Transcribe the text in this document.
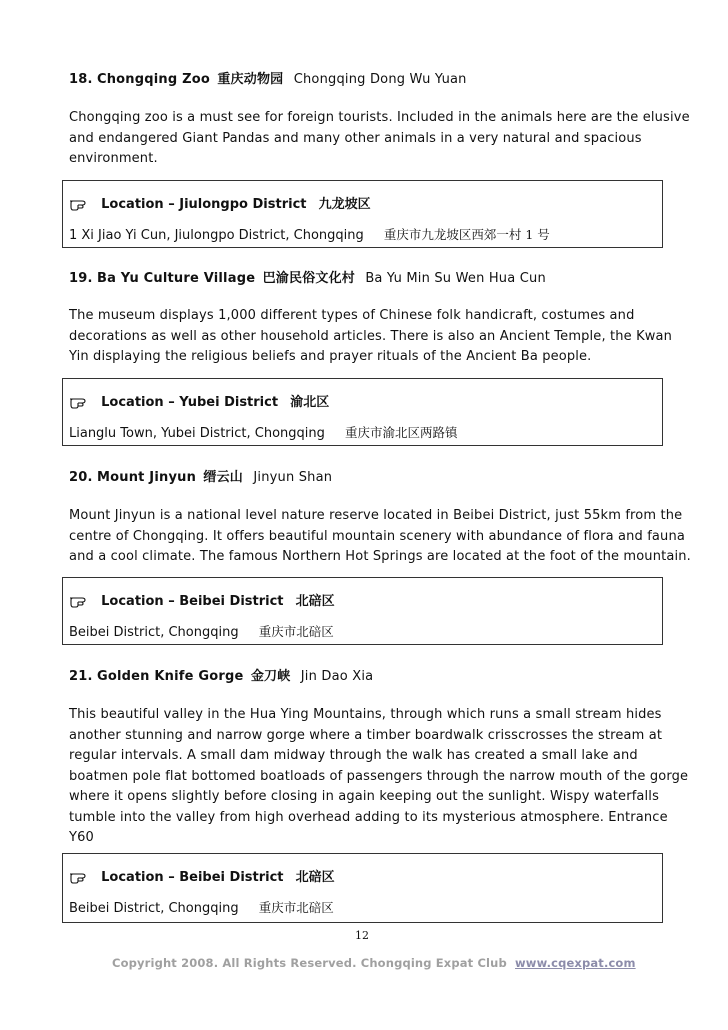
18. Chongqing Zoo 重庆动物园 Chongqing Dong Wu Yuan

Chongqing zoo is a must see for foreign tourists. Included in the animals here are the elusive
and endangered Giant Pandas and many other animals in a very natural and spacious
environment.

Location – Jiulongpo District 九龙坡区
1 Xi Jiao Yi Cun, Jiulongpo District, Chongqing 重庆市九龙坡区西郊一村 1 号
19. Ba Yu Culture Village 巴渝民俗文化村 Ba Yu Min Su Wen Hua Cun

The museum displays 1,000 different types of Chinese folk handicraft, costumes and
decorations as well as other household articles. There is also an Ancient Temple, the Kwan
Yin displaying the religious beliefs and prayer rituals of the Ancient Ba people.

Location – Yubei District 渝北区
Lianglu Town, Yubei District, Chongqing 重庆市渝北区两路镇
20. Mount Jinyun 缙云山 Jinyun Shan

Mount Jinyun is a national level nature reserve located in Beibei District, just 55km from the
centre of Chongqing. It offers beautiful mountain scenery with abundance of flora and fauna
and a cool climate. The famous Northern Hot Springs are located at the foot of the mountain.

Location – Beibei District 北碚区
Beibei District, Chongqing 重庆市北碚区
21. Golden Knife Gorge 金刀峡 Jin Dao Xia

This beautiful valley in the Hua Ying Mountains, through which runs a small stream hides
another stunning and narrow gorge where a timber boardwalk crisscrosses the stream at
regular intervals. A small dam midway through the walk has created a small lake and
boatmen pole flat bottomed boatloads of passengers through the narrow mouth of the gorge
where it opens slightly before closing in again keeping out the sunlight. Wispy waterfalls
tumble into the valley from high overhead adding to its mysterious atmosphere. Entrance
Y60

Location – Beibei District 北碚区
Beibei District, Chongqing 重庆市北碚区
12
Copyright 2008. All Rights Reserved. Chongqing Expat Club www.cqexpat.com
